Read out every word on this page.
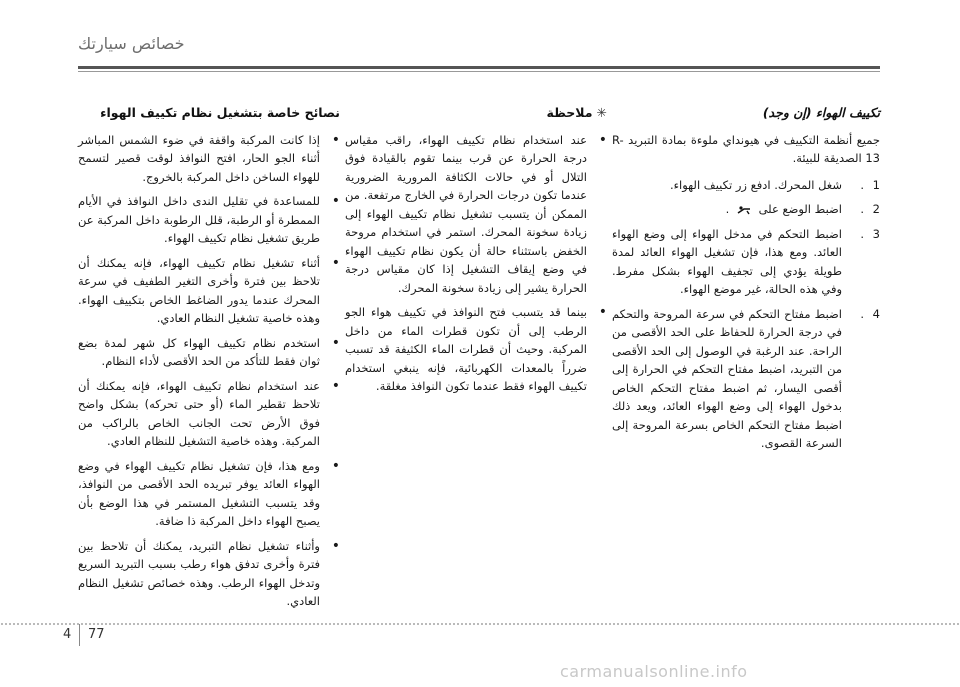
خصائص سيارتك
تكييف الهواء (إن وجد)

جميع أنظمة التكييف في هيونداي ملوءة بمادة التبريد R-13 الصديقة للبيئة.

1
.
شغل المحرك. ادفع زر تكييف الهواء.
2
.
اضبط الوضع على  .
3
.
اضبط التحكم في مدخل الهواء إلى وضع الهواء العائد. ومع هذا، فإن تشغيل الهواء العائد لمدة طويلة يؤدي إلى تجفيف الهواء بشكل مفرط. وفي هذه الحالة، غير موضع الهواء.
4
.
اضبط مفتاح التحكم في سرعة المروحة والتحكم في درجة الحرارة للحفاظ على الحد الأقصى من الراحة. عند الرغبة في الوصول إلى الحد الأقصى من التبريد، اضبط مفتاح التحكم في الحرارة إلى أقصى اليسار، ثم اضبط مفتاح التحكم الخاص بدخول الهواء إلى وضع الهواء العائد، ويعد ذلك اضبط مفتاح التحكم الخاص بسرعة المروحة إلى السرعة القصوى.
✳ملاحظة
•
عند استخدام نظام تكييف الهواء، راقب مقياس درجة الحرارة عن قرب بينما تقوم بالقيادة فوق التلال أو في حالات الكثافة المرورية الضرورية عندما تكون درجات الحرارة في الخارج مرتفعة. من الممكن أن يتسبب تشغيل نظام تكييف الهواء إلى زيادة سخونة المحرك. استمر في استخدام مروحة الخفض باستثناء حالة أن يكون نظام تكييف الهواء في وضع إيقاف التشغيل إذا كان مقياس درجة الحرارة يشير إلى زيادة سخونة المحرك.
•
بينما قد يتسبب فتح النوافذ في تكييف هواء الجو الرطب إلى أن تكون قطرات الماء من داخل المركبة. وحيث أن قطرات الماء الكثيفة قد تسبب ضرراً بالمعدات الكهربائية، فإنه ينبغي استخدام تكييف الهواء فقط عندما تكون النوافذ مغلقة.
نصائح خاصة بتشغيل نظام تكييف الهواء
•
إذا كانت المركبة واقفة في ضوء الشمس المباشر أثناء الجو الحار، افتح النوافذ لوقت قصير لتسمح للهواء الساخن داخل المركبة بالخروج.
•
للمساعدة في تقليل الندى داخل النوافذ في الأيام الممطرة أو الرطبة، قلل الرطوبة داخل المركبة عن طريق تشغيل نظام تكييف الهواء.
•
أثناء تشغيل نظام تكييف الهواء، فإنه يمكنك أن تلاحظ بين فترة وأخرى التغير الطفيف في سرعة المحرك عندما يدور الضاغط الخاص بتكييف الهواء. وهذه خاصية تشغيل النظام العادي.
•
استخدم نظام تكييف الهواء كل شهر لمدة بضع ثوان فقط للتأكد من الحد الأقصى لأداء النظام.
•
عند استخدام نظام تكييف الهواء، فإنه يمكنك أن تلاحظ تقطير الماء (أو حتى تحركه) بشكل واضح فوق الأرض تحت الجانب الخاص بالراكب من المركبة. وهذه خاصية التشغيل للنظام العادي.
•
ومع هذا، فإن تشغيل نظام تكييف الهواء في وضع الهواء العائد يوفر تبريده الحد الأقصى من النوافذ، وقد يتسبب التشغيل المستمر في هذا الوضع بأن يصبح الهواء داخل المركبة ذا ضافة.
•
وأثناء تشغيل نظام التبريد، يمكنك أن تلاحظ بين فترة وأخرى تدفق هواء رطب بسبب التبريد السريع وتدخل الهواء الرطب. وهذه خصائص تشغيل النظام العادي.
4 77
carmanualsonline.info
